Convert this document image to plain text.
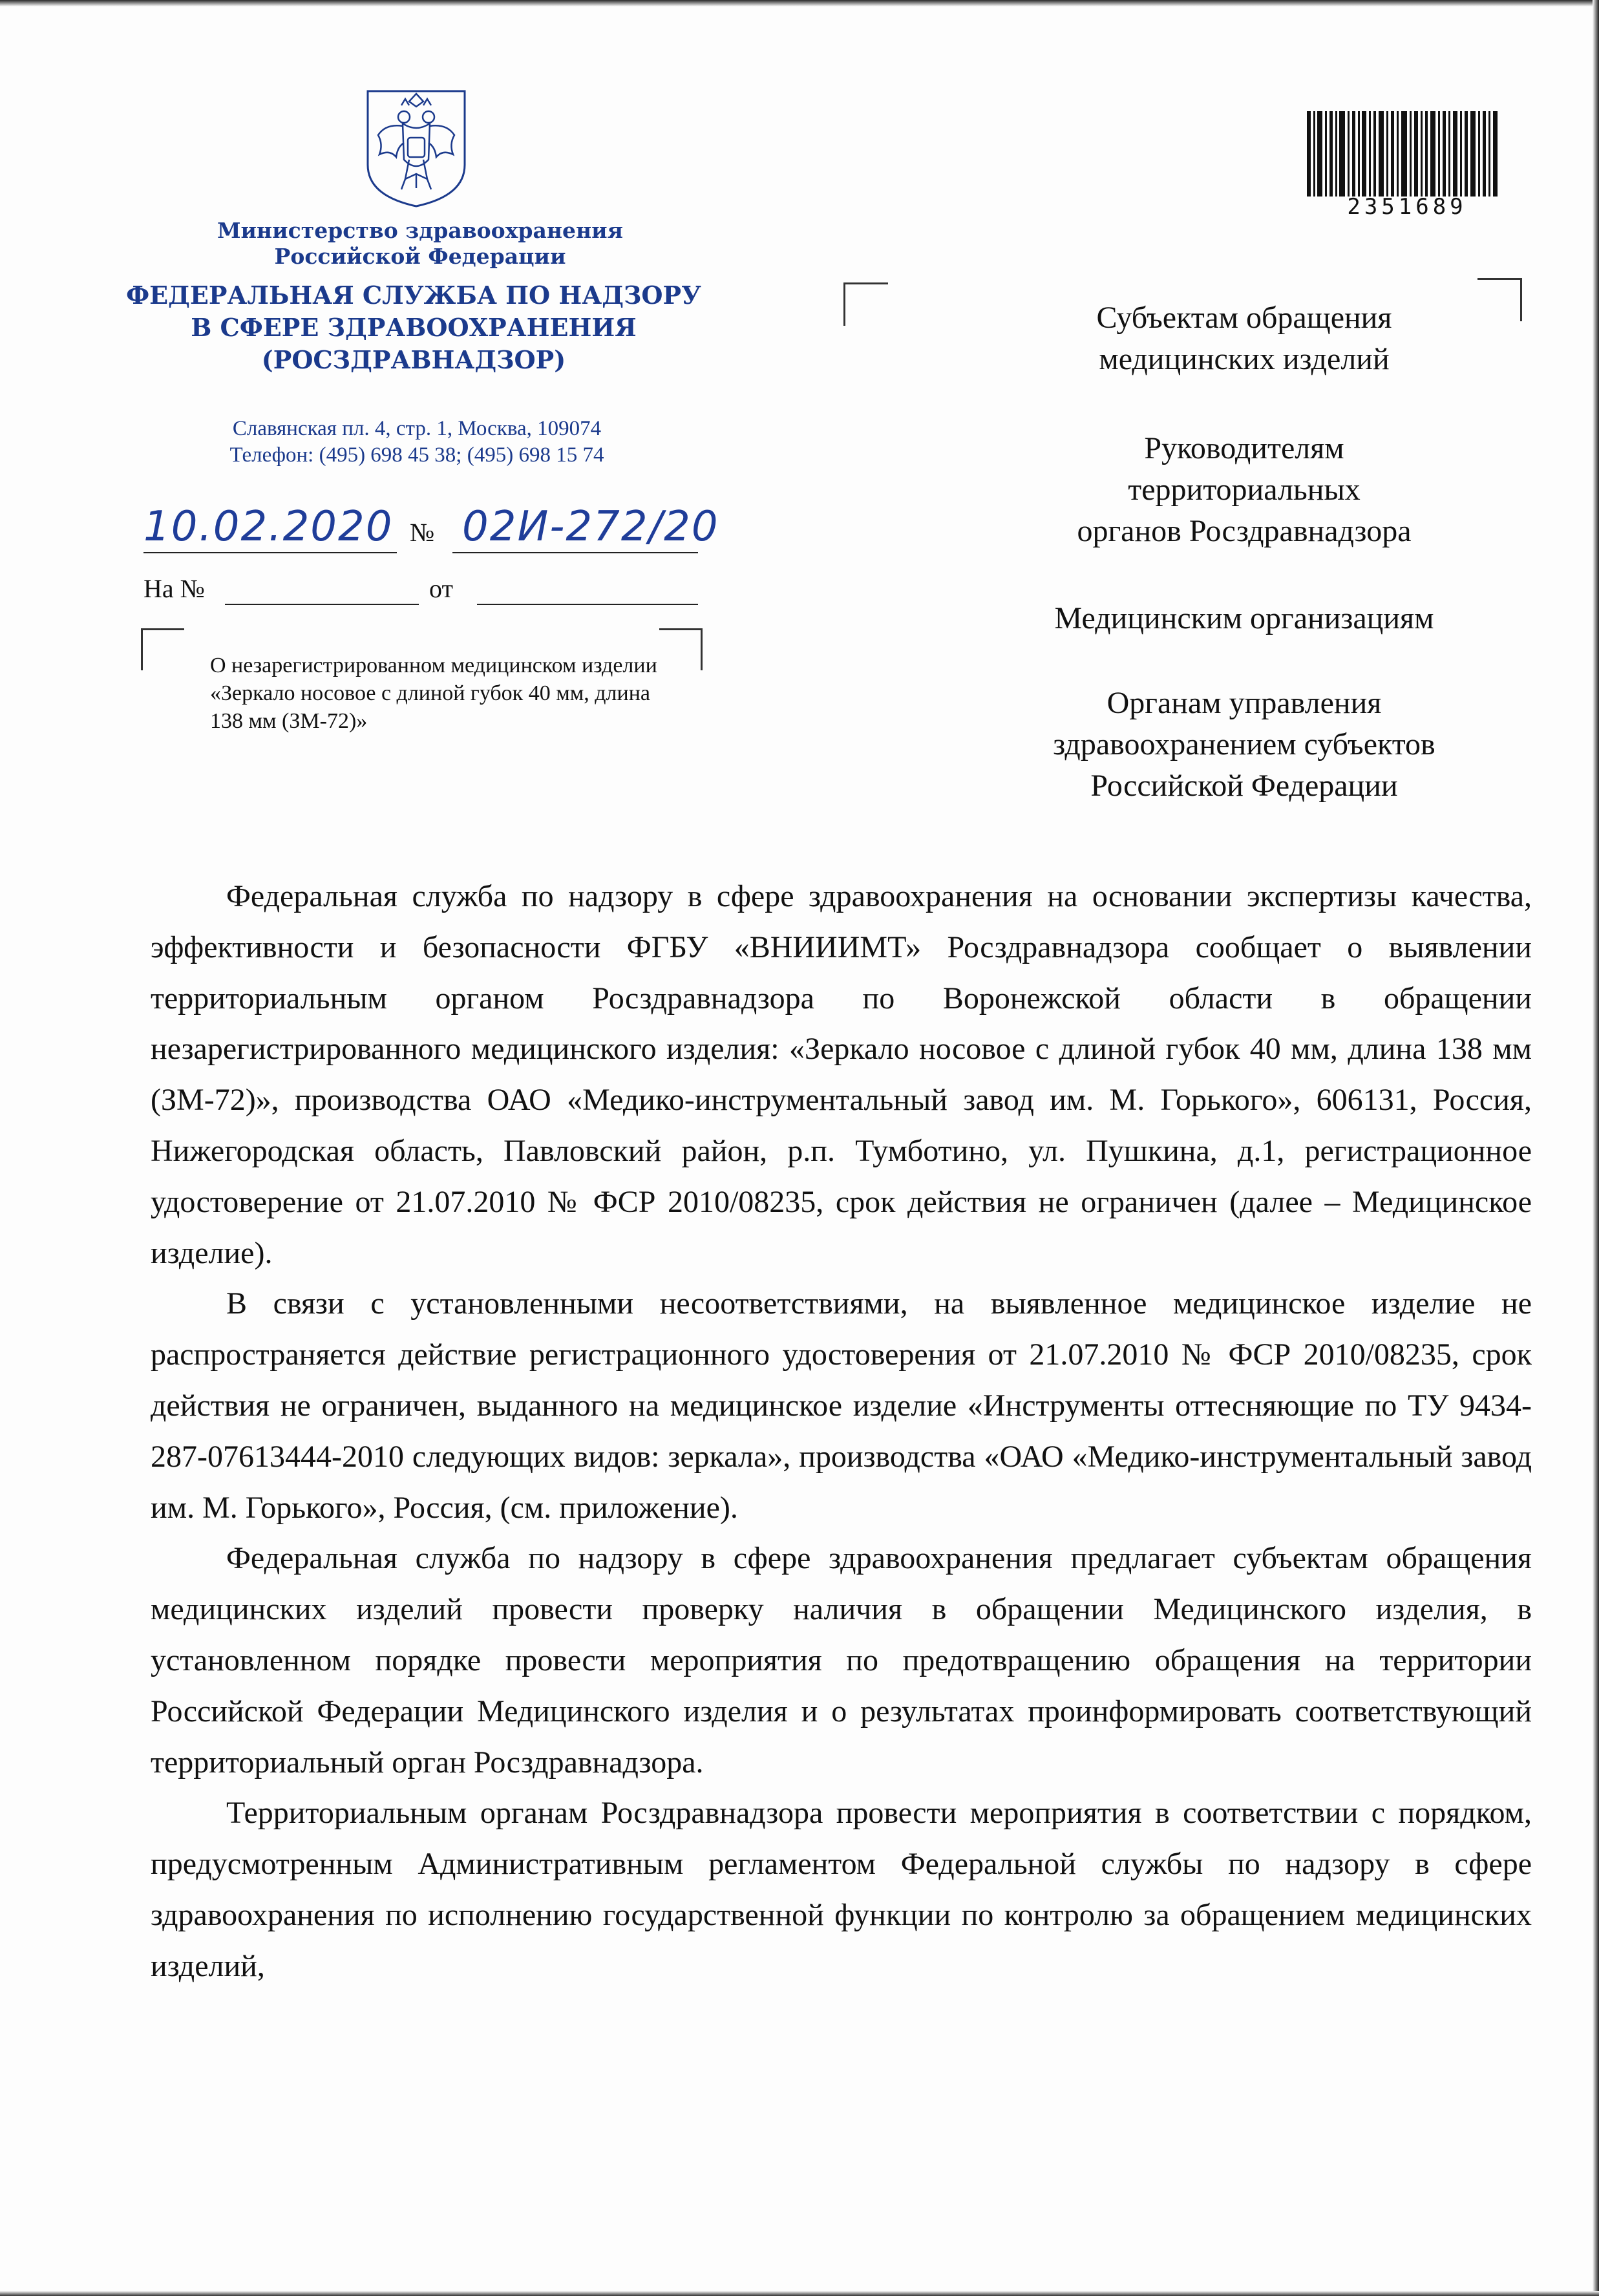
Министерство здравоохранения
Российской Федерации
ФЕДЕРАЛЬНАЯ СЛУЖБА ПО НАДЗОРУ
В СФЕРЕ ЗДРАВООХРАНЕНИЯ
(РОСЗДРАВНАДЗОР)
Славянская пл. 4, стр. 1, Москва, 109074
Телефон: (495) 698 45 38; (495) 698 15 74
10.02.2020 № 02И-272/20
На №	от
О незарегистрированном медицинском изделии «Зеркало носовое с длиной губок 40 мм, длина 138 мм (ЗМ-72)»
2351689
Субъектам обращения
медицинских изделий
Руководителям
территориальных
органов Росздравнадзора
Медицинским организациям
Органам управления
здравоохранением субъектов
Российской Федерации

Федеральная служба по надзору в сфере здравоохранения на основании экспертизы качества, эффективности и безопасности ФГБУ «ВНИИИМТ» Росздравнадзора сообщает о выявлении территориальным органом Росздравнадзора по Воронежской области в обращении незарегистрированного медицинского изделия: «Зеркало носовое с длиной губок 40 мм, длина 138 мм (ЗМ-72)», производства ОАО «Медико-инструментальный завод им. М. Горького», 606131, Россия, Нижегородская область, Павловский район, р.п. Тумботино, ул. Пушкина, д.1, регистрационное удостоверение от 21.07.2010 № ФСР 2010/08235, срок действия не ограничен (далее – Медицинское изделие).

В связи с установленными несоответствиями, на выявленное медицинское изделие не распространяется действие регистрационного удостоверения от 21.07.2010 № ФСР 2010/08235, срок действия не ограничен, выданного на медицинское изделие «Инструменты оттесняющие по ТУ 9434-287-07613444-2010 следующих видов: зеркала», производства «ОАО «Медико-инструментальный завод им. М. Горького», Россия, (см. приложение).

Федеральная служба по надзору в сфере здравоохранения предлагает субъектам обращения медицинских изделий провести проверку наличия в обращении Медицинского изделия, в установленном порядке провести мероприятия по предотвращению обращения на территории Российской Федерации Медицинского изделия и о результатах проинформировать соответствующий территориальный орган Росздравнадзора.

Территориальным органам Росздравнадзора провести мероприятия в соответствии с порядком, предусмотренным Административным регламентом Федеральной службы по надзору в сфере здравоохранения по исполнению государственной функции по контролю за обращением медицинских изделий,
